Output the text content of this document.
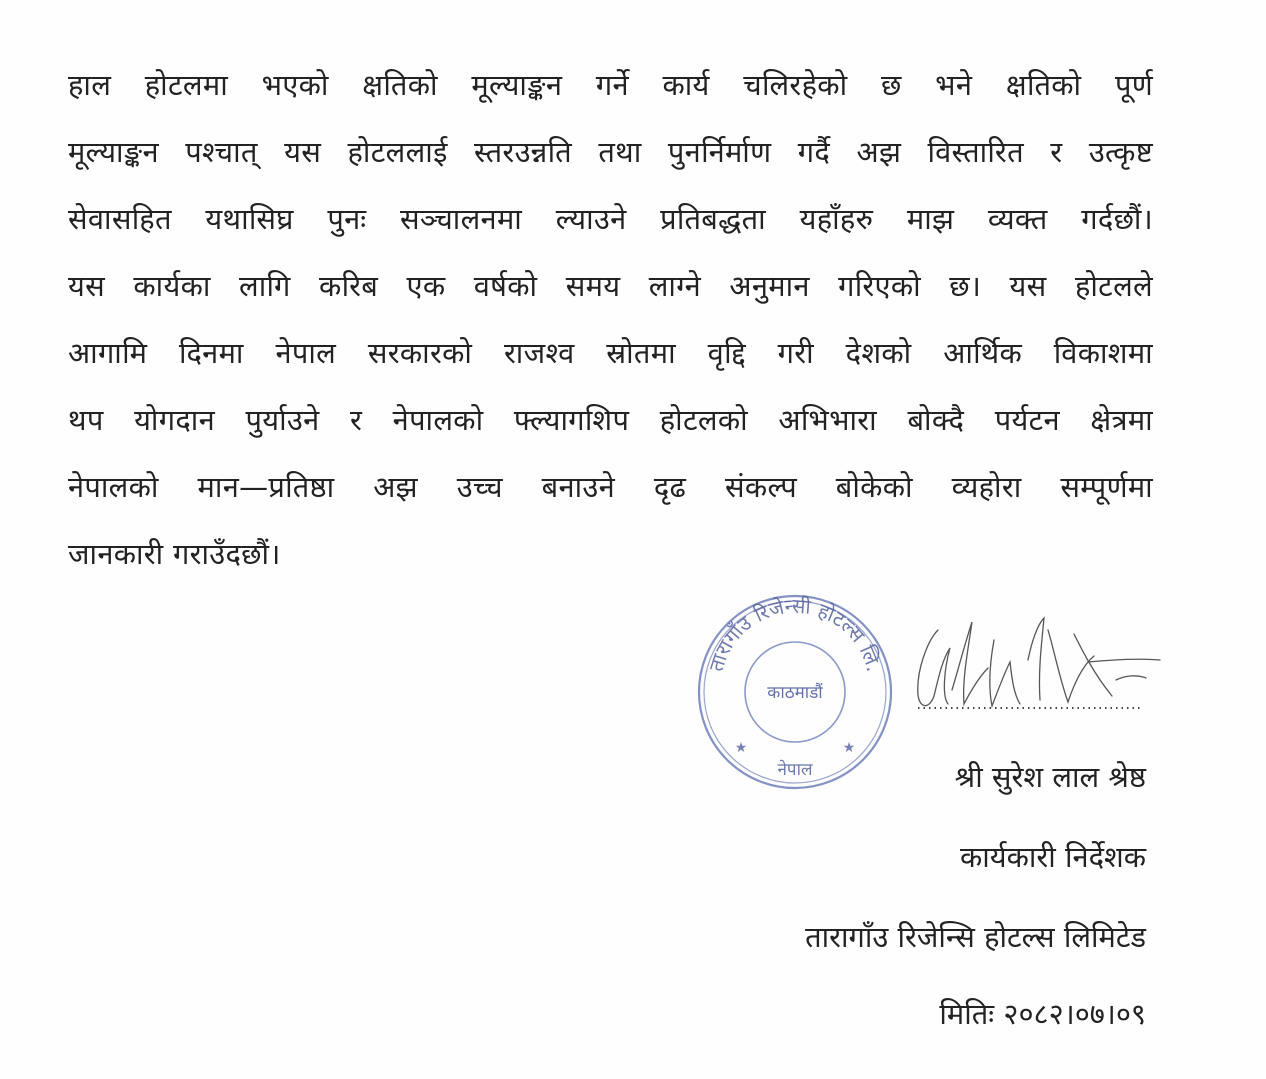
हाल होटलमा भएको क्षतिको मूल्याङ्कन गर्ने कार्य चलिरहेको छ भने क्षतिको पूर्ण
मूल्याङ्कन पश्चात् यस होटललाई स्तरउन्नति तथा पुनर्निर्माण गर्दै अझ विस्तारित र उत्कृष्ट
सेवासहित यथासिघ्र पुनः सञ्चालनमा ल्याउने प्रतिबद्धता यहाँहरु माझ व्यक्त गर्दछौं।
यस कार्यका लागि करिब एक वर्षको समय लाग्ने अनुमान गरिएको छ। यस होटलले
आगामि दिनमा नेपाल सरकारको राजश्व स्रोतमा वृद्दि गरी देशको आर्थिक विकाशमा
थप योगदान पुर्याउने र नेपालको फ्ल्यागशिप होटलको अभिभारा बोक्दै पर्यटन क्षेत्रमा
नेपालको मान—प्रतिष्ठा अझ उच्च बनाउने दृढ संकल्प बोकेको व्यहोरा सम्पूर्णमा
जानकारी गराउँदछौं।
तारागाँउ रिजेन्सी होटल्स लि.
काठमाडौं
नेपाल
★	★
श्री सुरेश लाल श्रेष्ठ
कार्यकारी निर्देशक
तारागाँउ रिजेन्सि होटल्स लिमिटेड
मितिः २०८२।०७।०९
